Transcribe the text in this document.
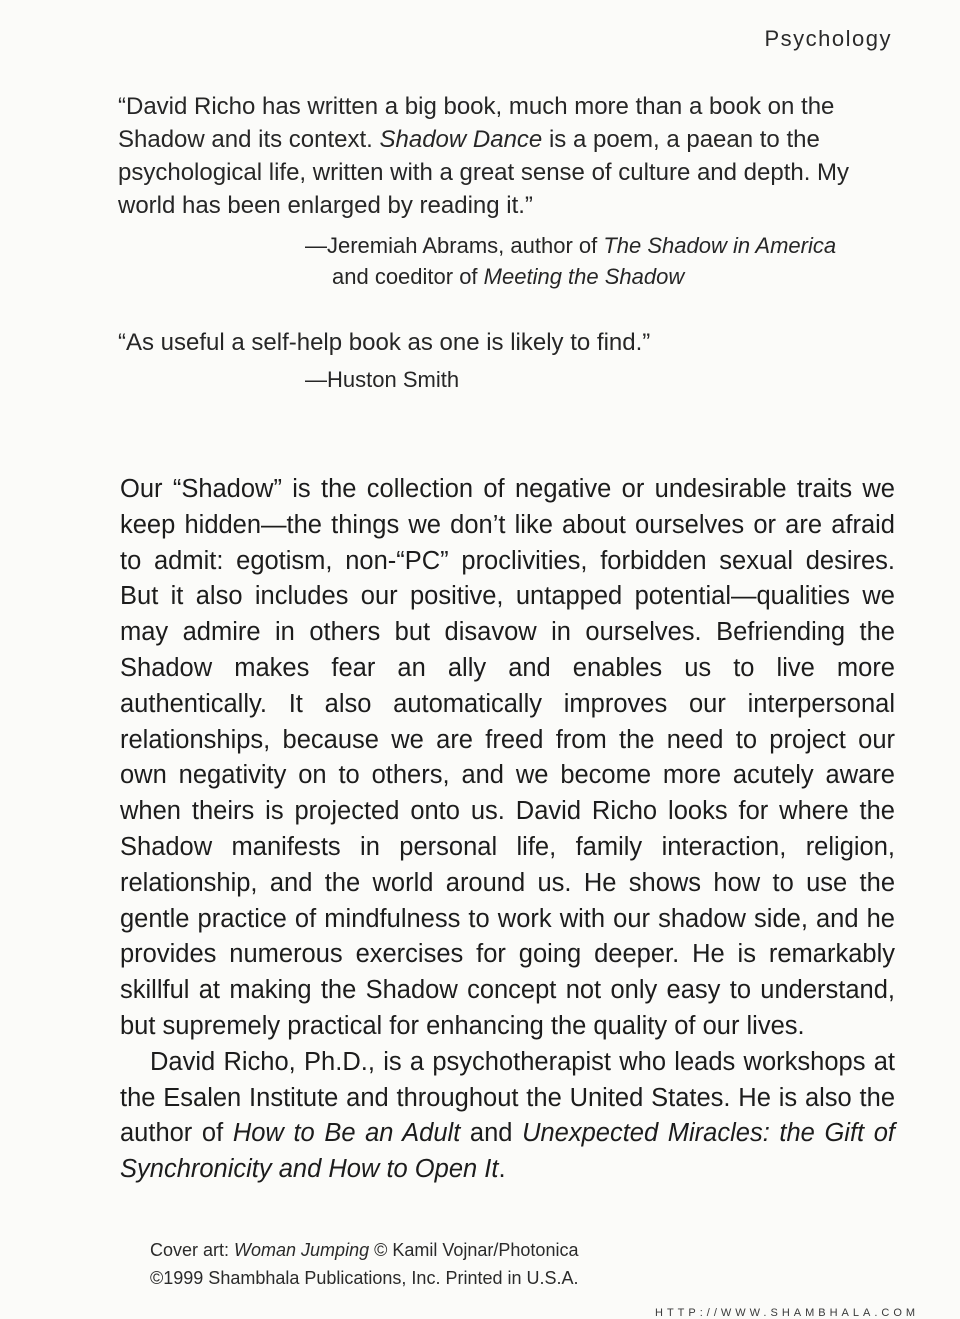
Psychology

“David Richo has written a big book, much more than a book on the Shadow and its context. Shadow Dance is a poem, a paean to the psychological life, written with a great sense of culture and depth. My world has been enlarged by reading it.”

—Jeremiah Abrams, author of The Shadow in America
and coeditor of Meeting the Shadow
“As useful a self-help book as one is likely to find.”
—Huston Smith

Our “Shadow” is the collection of negative or undesirable traits we keep hidden—the things we don’t like about ourselves or are afraid to admit: egotism, non-“PC” proclivities, forbidden sexual desires. But it also includes our positive, untapped potential—qualities we may admire in others but disavow in ourselves. Befriending the Shadow makes fear an ally and enables us to live more authentically. It also automatically improves our interpersonal relationships, because we are freed from the need to project our own negativity on to others, and we become more acutely aware when theirs is projected onto us. David Richo looks for where the Shadow manifests in personal life, family interaction, religion, relationship, and the world around us. He shows how to use the gentle practice of mindfulness to work with our shadow side, and he provides numerous exercises for going deeper. He is remarkably skillful at making the Shadow concept not only easy to understand, but supremely practical for enhancing the quality of our lives.

David Richo, Ph.D., is a psychotherapist who leads workshops at the Esalen Institute and throughout the United States. He is also the author of How to Be an Adult and Unexpected Miracles: the Gift of Synchronicity and How to Open It.

Cover art: Woman Jumping © Kamil Vojnar/Photonica
©1999 Shambhala Publications, Inc. Printed in U.S.A.
HTTP://WWW.SHAMBHALA.COM
